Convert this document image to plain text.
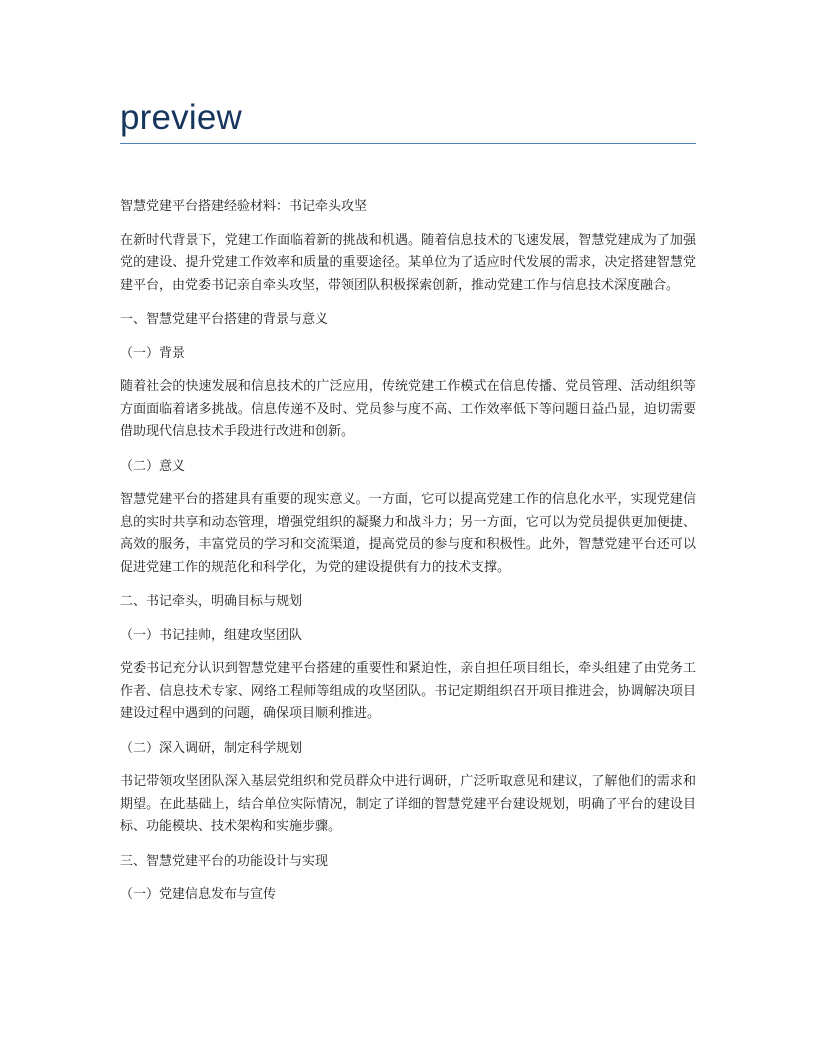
preview

智慧党建平台搭建经验材料：书记牵头攻坚

在新时代背景下，党建工作面临着新的挑战和机遇。随着信息技术的飞速发展，智慧党建成为了加强党的建设、提升党建工作效率和质量的重要途径。某单位为了适应时代发展的需求，决定搭建智慧党建平台，由党委书记亲自牵头攻坚，带领团队积极探索创新，推动党建工作与信息技术深度融合。

一、智慧党建平台搭建的背景与意义

（一）背景

随着社会的快速发展和信息技术的广泛应用，传统党建工作模式在信息传播、党员管理、活动组织等方面面临着诸多挑战。信息传递不及时、党员参与度不高、工作效率低下等问题日益凸显，迫切需要借助现代信息技术手段进行改进和创新。

（二）意义

智慧党建平台的搭建具有重要的现实意义。一方面，它可以提高党建工作的信息化水平，实现党建信息的实时共享和动态管理，增强党组织的凝聚力和战斗力；另一方面，它可以为党员提供更加便捷、高效的服务，丰富党员的学习和交流渠道，提高党员的参与度和积极性。此外，智慧党建平台还可以促进党建工作的规范化和科学化，为党的建设提供有力的技术支撑。

二、书记牵头，明确目标与规划

（一）书记挂帅，组建攻坚团队

党委书记充分认识到智慧党建平台搭建的重要性和紧迫性，亲自担任项目组长，牵头组建了由党务工作者、信息技术专家、网络工程师等组成的攻坚团队。书记定期组织召开项目推进会，协调解决项目建设过程中遇到的问题，确保项目顺利推进。

（二）深入调研，制定科学规划

书记带领攻坚团队深入基层党组织和党员群众中进行调研，广泛听取意见和建议，了解他们的需求和期望。在此基础上，结合单位实际情况，制定了详细的智慧党建平台建设规划，明确了平台的建设目标、功能模块、技术架构和实施步骤。

三、智慧党建平台的功能设计与实现

（一）党建信息发布与宣传
